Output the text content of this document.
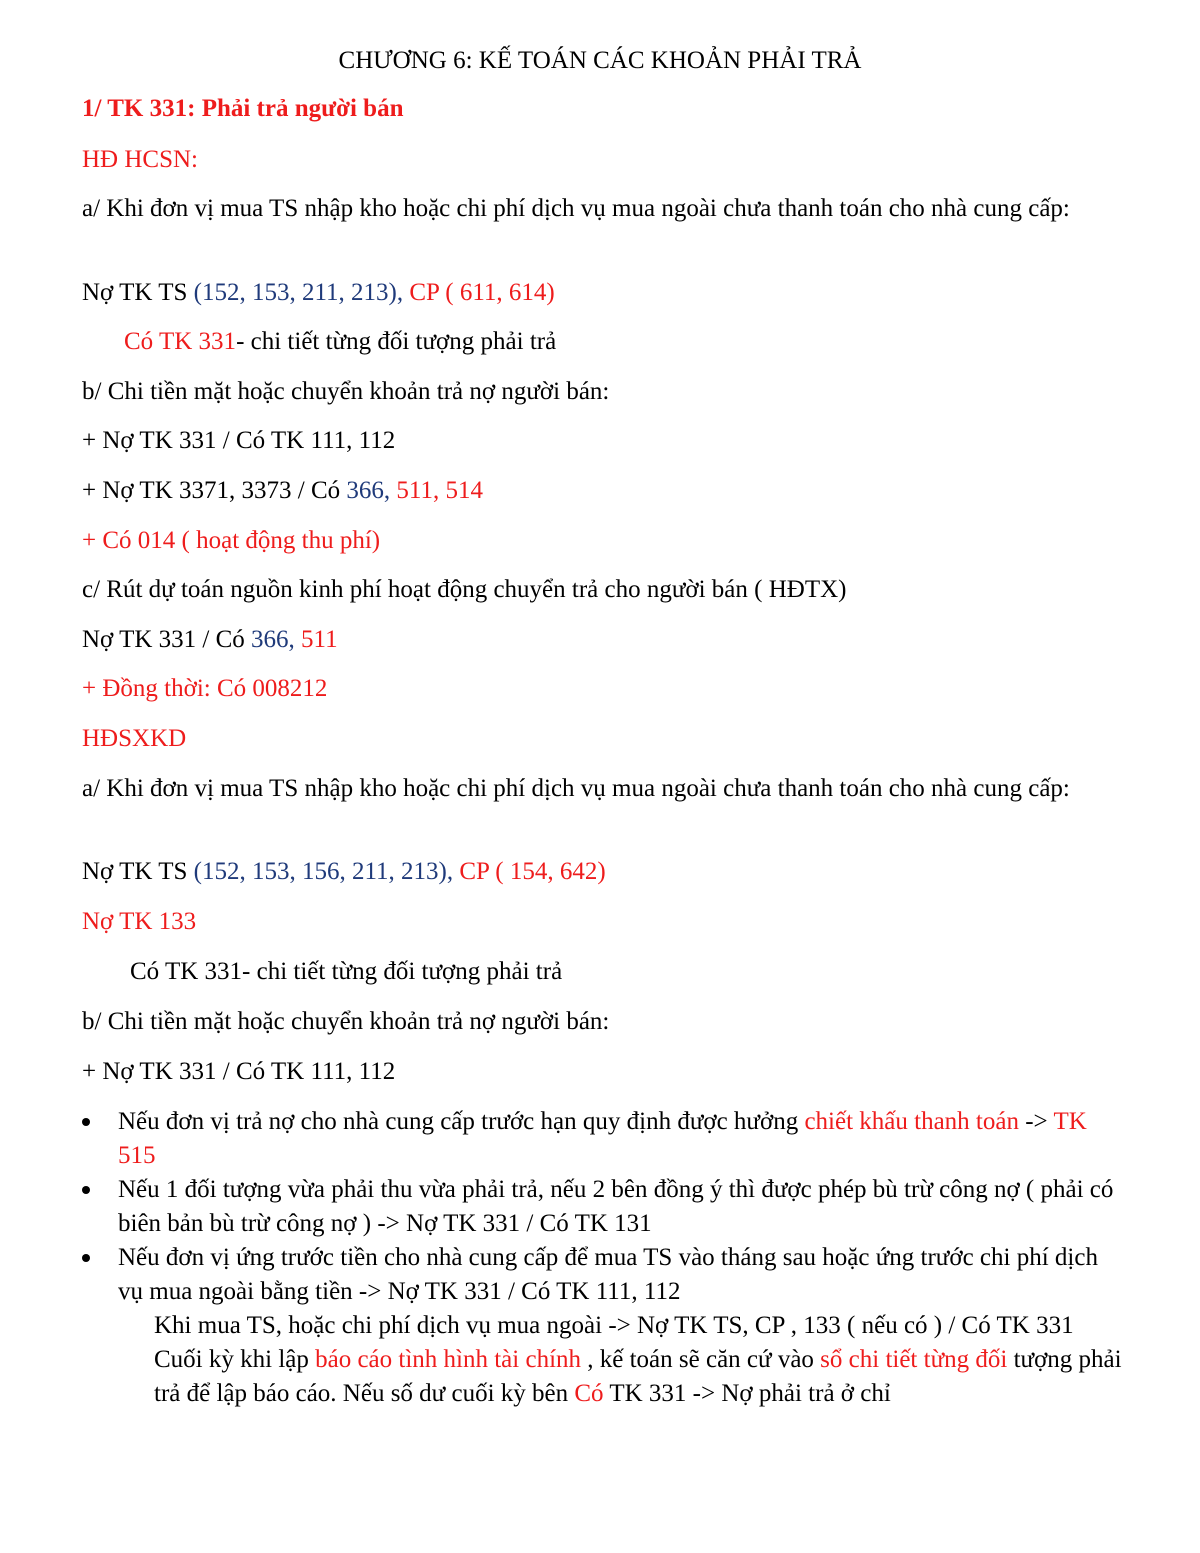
CHƯƠNG 6: KẾ TOÁN CÁC KHOẢN PHẢI TRẢ
1/ TK 331: Phải trả người bán
HĐ HCSN:
a/ Khi đơn vị mua TS nhập kho hoặc chi phí dịch vụ mua ngoài chưa thanh toán cho nhà cung cấp:
Nợ TK TS (152, 153, 211, 213), CP ( 611, 614)
Có TK 331- chi tiết từng đối tượng phải trả
b/ Chi tiền mặt hoặc chuyển khoản trả nợ người bán:
+ Nợ TK 331 / Có TK 111, 112
+ Nợ TK 3371, 3373 / Có 366, 511, 514
+ Có 014 ( hoạt động thu phí)
c/ Rút dự toán nguồn kinh phí hoạt động chuyển trả cho người bán ( HĐTX)
Nợ TK 331 / Có 366, 511
+ Đồng thời: Có 008212
HĐSXKD
a/ Khi đơn vị mua TS nhập kho hoặc chi phí dịch vụ mua ngoài chưa thanh toán cho nhà cung cấp:
Nợ TK TS (152, 153, 156, 211, 213), CP ( 154, 642)
Nợ TK 133
Có TK 331- chi tiết từng đối tượng phải trả
b/ Chi tiền mặt hoặc chuyển khoản trả nợ người bán:
+ Nợ TK 331 / Có TK 111, 112
Nếu đơn vị trả nợ cho nhà cung cấp trước hạn quy định được hưởng chiết khấu thanh toán -> TK 515
Nếu 1 đối tượng vừa phải thu vừa phải trả, nếu 2 bên đồng ý thì được phép bù trừ công nợ ( phải có biên bản bù trừ công nợ ) -> Nợ TK 331 / Có TK 131
Nếu đơn vị ứng trước tiền cho nhà cung cấp để mua TS vào tháng sau hoặc ứng trước chi phí dịch vụ mua ngoài bằng tiền -> Nợ TK 331 / Có TK 111, 112
Khi mua TS, hoặc chi phí dịch vụ mua ngoài -> Nợ TK TS, CP , 133 ( nếu có ) / Có TK 331
Cuối kỳ khi lập báo cáo tình hình tài chính , kế toán sẽ căn cứ vào sổ chi tiết từng đối tượng phải trả để lập báo cáo. Nếu số dư cuối kỳ bên Có TK 331 -> Nợ phải trả ở chỉ
